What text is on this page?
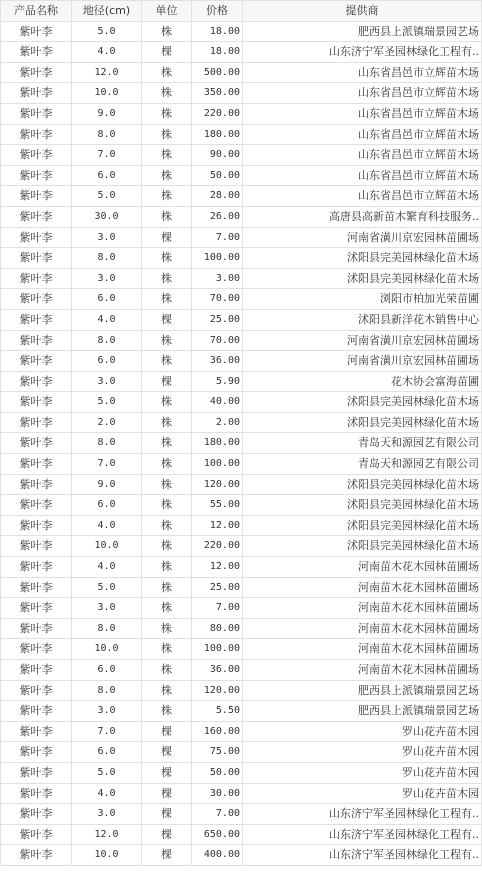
产品名称	地径(cm)	单位	价格	提供商
紫叶李	5.0	株	18.00	肥西县上派镇瑞景园艺场
紫叶李	4.0	棵	18.00	山东济宁军圣园林绿化工程有..
紫叶李	12.0	株	500.00	山东省昌邑市立辉苗木场
紫叶李	10.0	株	350.00	山东省昌邑市立辉苗木场
紫叶李	9.0	株	220.00	山东省昌邑市立辉苗木场
紫叶李	8.0	株	180.00	山东省昌邑市立辉苗木场
紫叶李	7.0	株	90.00	山东省昌邑市立辉苗木场
紫叶李	6.0	株	50.00	山东省昌邑市立辉苗木场
紫叶李	5.0	株	28.00	山东省昌邑市立辉苗木场
紫叶李	30.0	株	26.00	高唐县高新苗木繁育科技服务..
紫叶李	3.0	棵	7.00	河南省潢川京宏园林苗圃场
紫叶李	8.0	株	100.00	沭阳县完美园林绿化苗木场
紫叶李	3.0	株	3.00	沭阳县完美园林绿化苗木场
紫叶李	6.0	株	70.00	浏阳市柏加光荣苗圃
紫叶李	4.0	棵	25.00	沭阳县新洋花木销售中心
紫叶李	8.0	株	70.00	河南省潢川京宏园林苗圃场
紫叶李	6.0	株	36.00	河南省潢川京宏园林苗圃场
紫叶李	3.0	棵	5.90	花木协会富海苗圃
紫叶李	5.0	株	40.00	沭阳县完美园林绿化苗木场
紫叶李	2.0	株	2.00	沭阳县完美园林绿化苗木场
紫叶李	8.0	株	180.00	青岛天和源园艺有限公司
紫叶李	7.0	株	100.00	青岛天和源园艺有限公司
紫叶李	9.0	株	120.00	沭阳县完美园林绿化苗木场
紫叶李	6.0	株	55.00	沭阳县完美园林绿化苗木场
紫叶李	4.0	株	12.00	沭阳县完美园林绿化苗木场
紫叶李	10.0	株	220.00	沭阳县完美园林绿化苗木场
紫叶李	4.0	株	12.00	河南苗木花木园林苗圃场
紫叶李	5.0	株	25.00	河南苗木花木园林苗圃场
紫叶李	3.0	株	7.00	河南苗木花木园林苗圃场
紫叶李	8.0	株	80.00	河南苗木花木园林苗圃场
紫叶李	10.0	株	100.00	河南苗木花木园林苗圃场
紫叶李	6.0	株	36.00	河南苗木花木园林苗圃场
紫叶李	8.0	株	120.00	肥西县上派镇瑞景园艺场
紫叶李	3.0	株	5.50	肥西县上派镇瑞景园艺场
紫叶李	7.0	棵	160.00	罗山花卉苗木园
紫叶李	6.0	棵	75.00	罗山花卉苗木园
紫叶李	5.0	棵	50.00	罗山花卉苗木园
紫叶李	4.0	棵	30.00	罗山花卉苗木园
紫叶李	3.0	棵	7.00	山东济宁军圣园林绿化工程有..
紫叶李	12.0	棵	650.00	山东济宁军圣园林绿化工程有..
紫叶李	10.0	棵	400.00	山东济宁军圣园林绿化工程有..
